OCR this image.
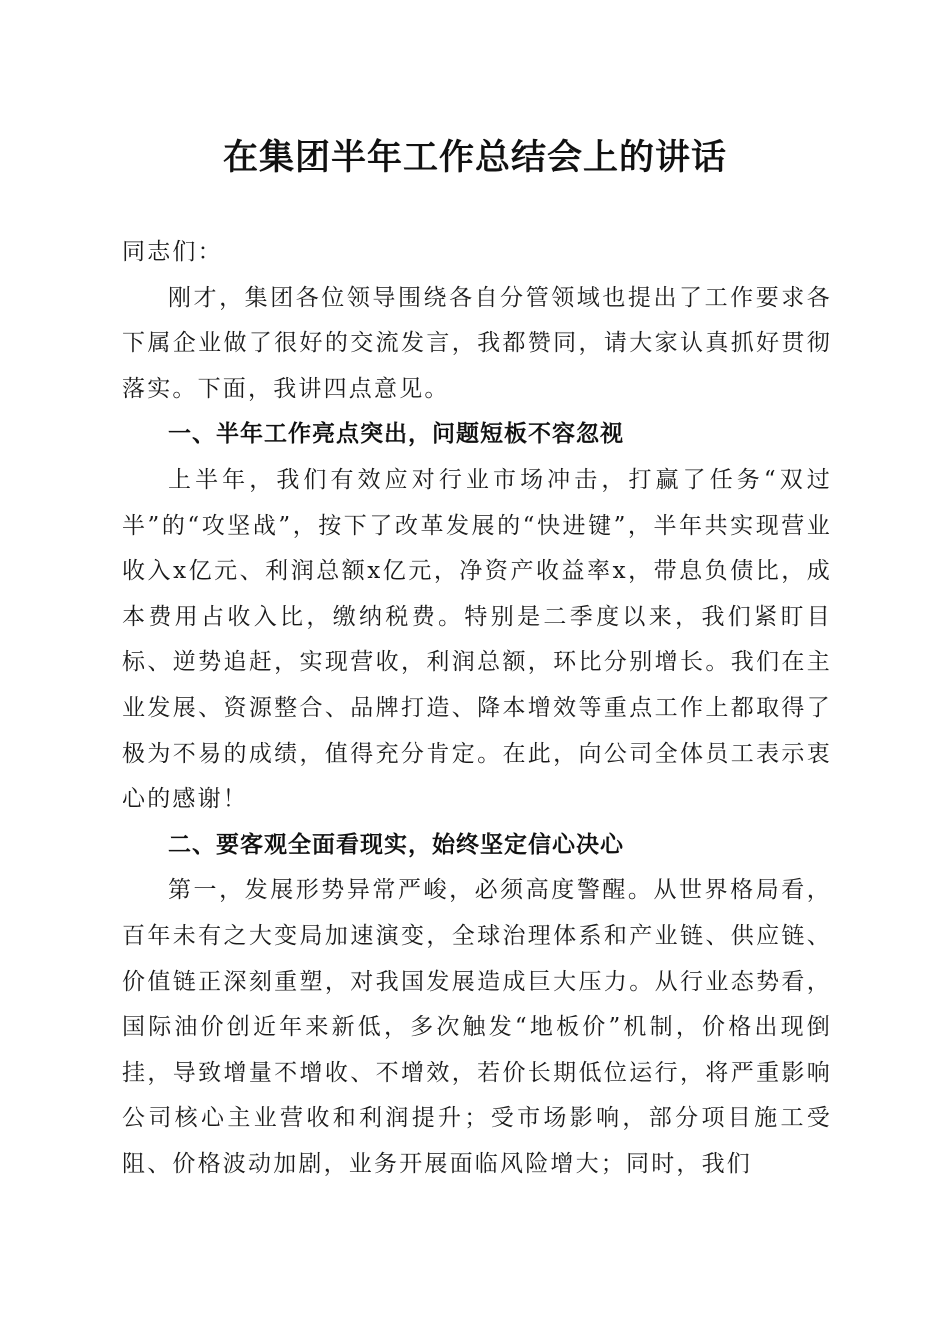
在集团半年工作总结会上的讲话

同志们：

刚才，集团各位领导围绕各自分管领域也提出了工作要求各下属企业做了很好的交流发言，我都赞同，请大家认真抓好贯彻落实。下面，我讲四点意见。

一、半年工作亮点突出，问题短板不容忽视

上半年，我们有效应对行业市场冲击，打赢了任务“双过半”的“攻坚战”，按下了改革发展的“快进键”，半年共实现营业收入x亿元、利润总额x亿元，净资产收益率x，带息负债比，成本费用占收入比，缴纳税费。特别是二季度以来，我们紧盯目标、逆势追赶，实现营收，利润总额，环比分别增长。我们在主业发展、资源整合、品牌打造、降本增效等重点工作上都取得了极为不易的成绩，值得充分肯定。在此，向公司全体员工表示衷心的感谢！

二、要客观全面看现实，始终坚定信心决心

第一，发展形势异常严峻，必须高度警醒。从世界格局看，百年未有之大变局加速演变，全球治理体系和产业链、供应链、价值链正深刻重塑，对我国发展造成巨大压力。从行业态势看，国际油价创近年来新低，多次触发“地板价”机制，价格出现倒挂，导致增量不增收、不增效，若价长期低位运行，将严重影响公司核心主业营收和利润提升；受市场影响，部分项目施工受阻、价格波动加剧，业务开展面临风险增大；同时，我们
